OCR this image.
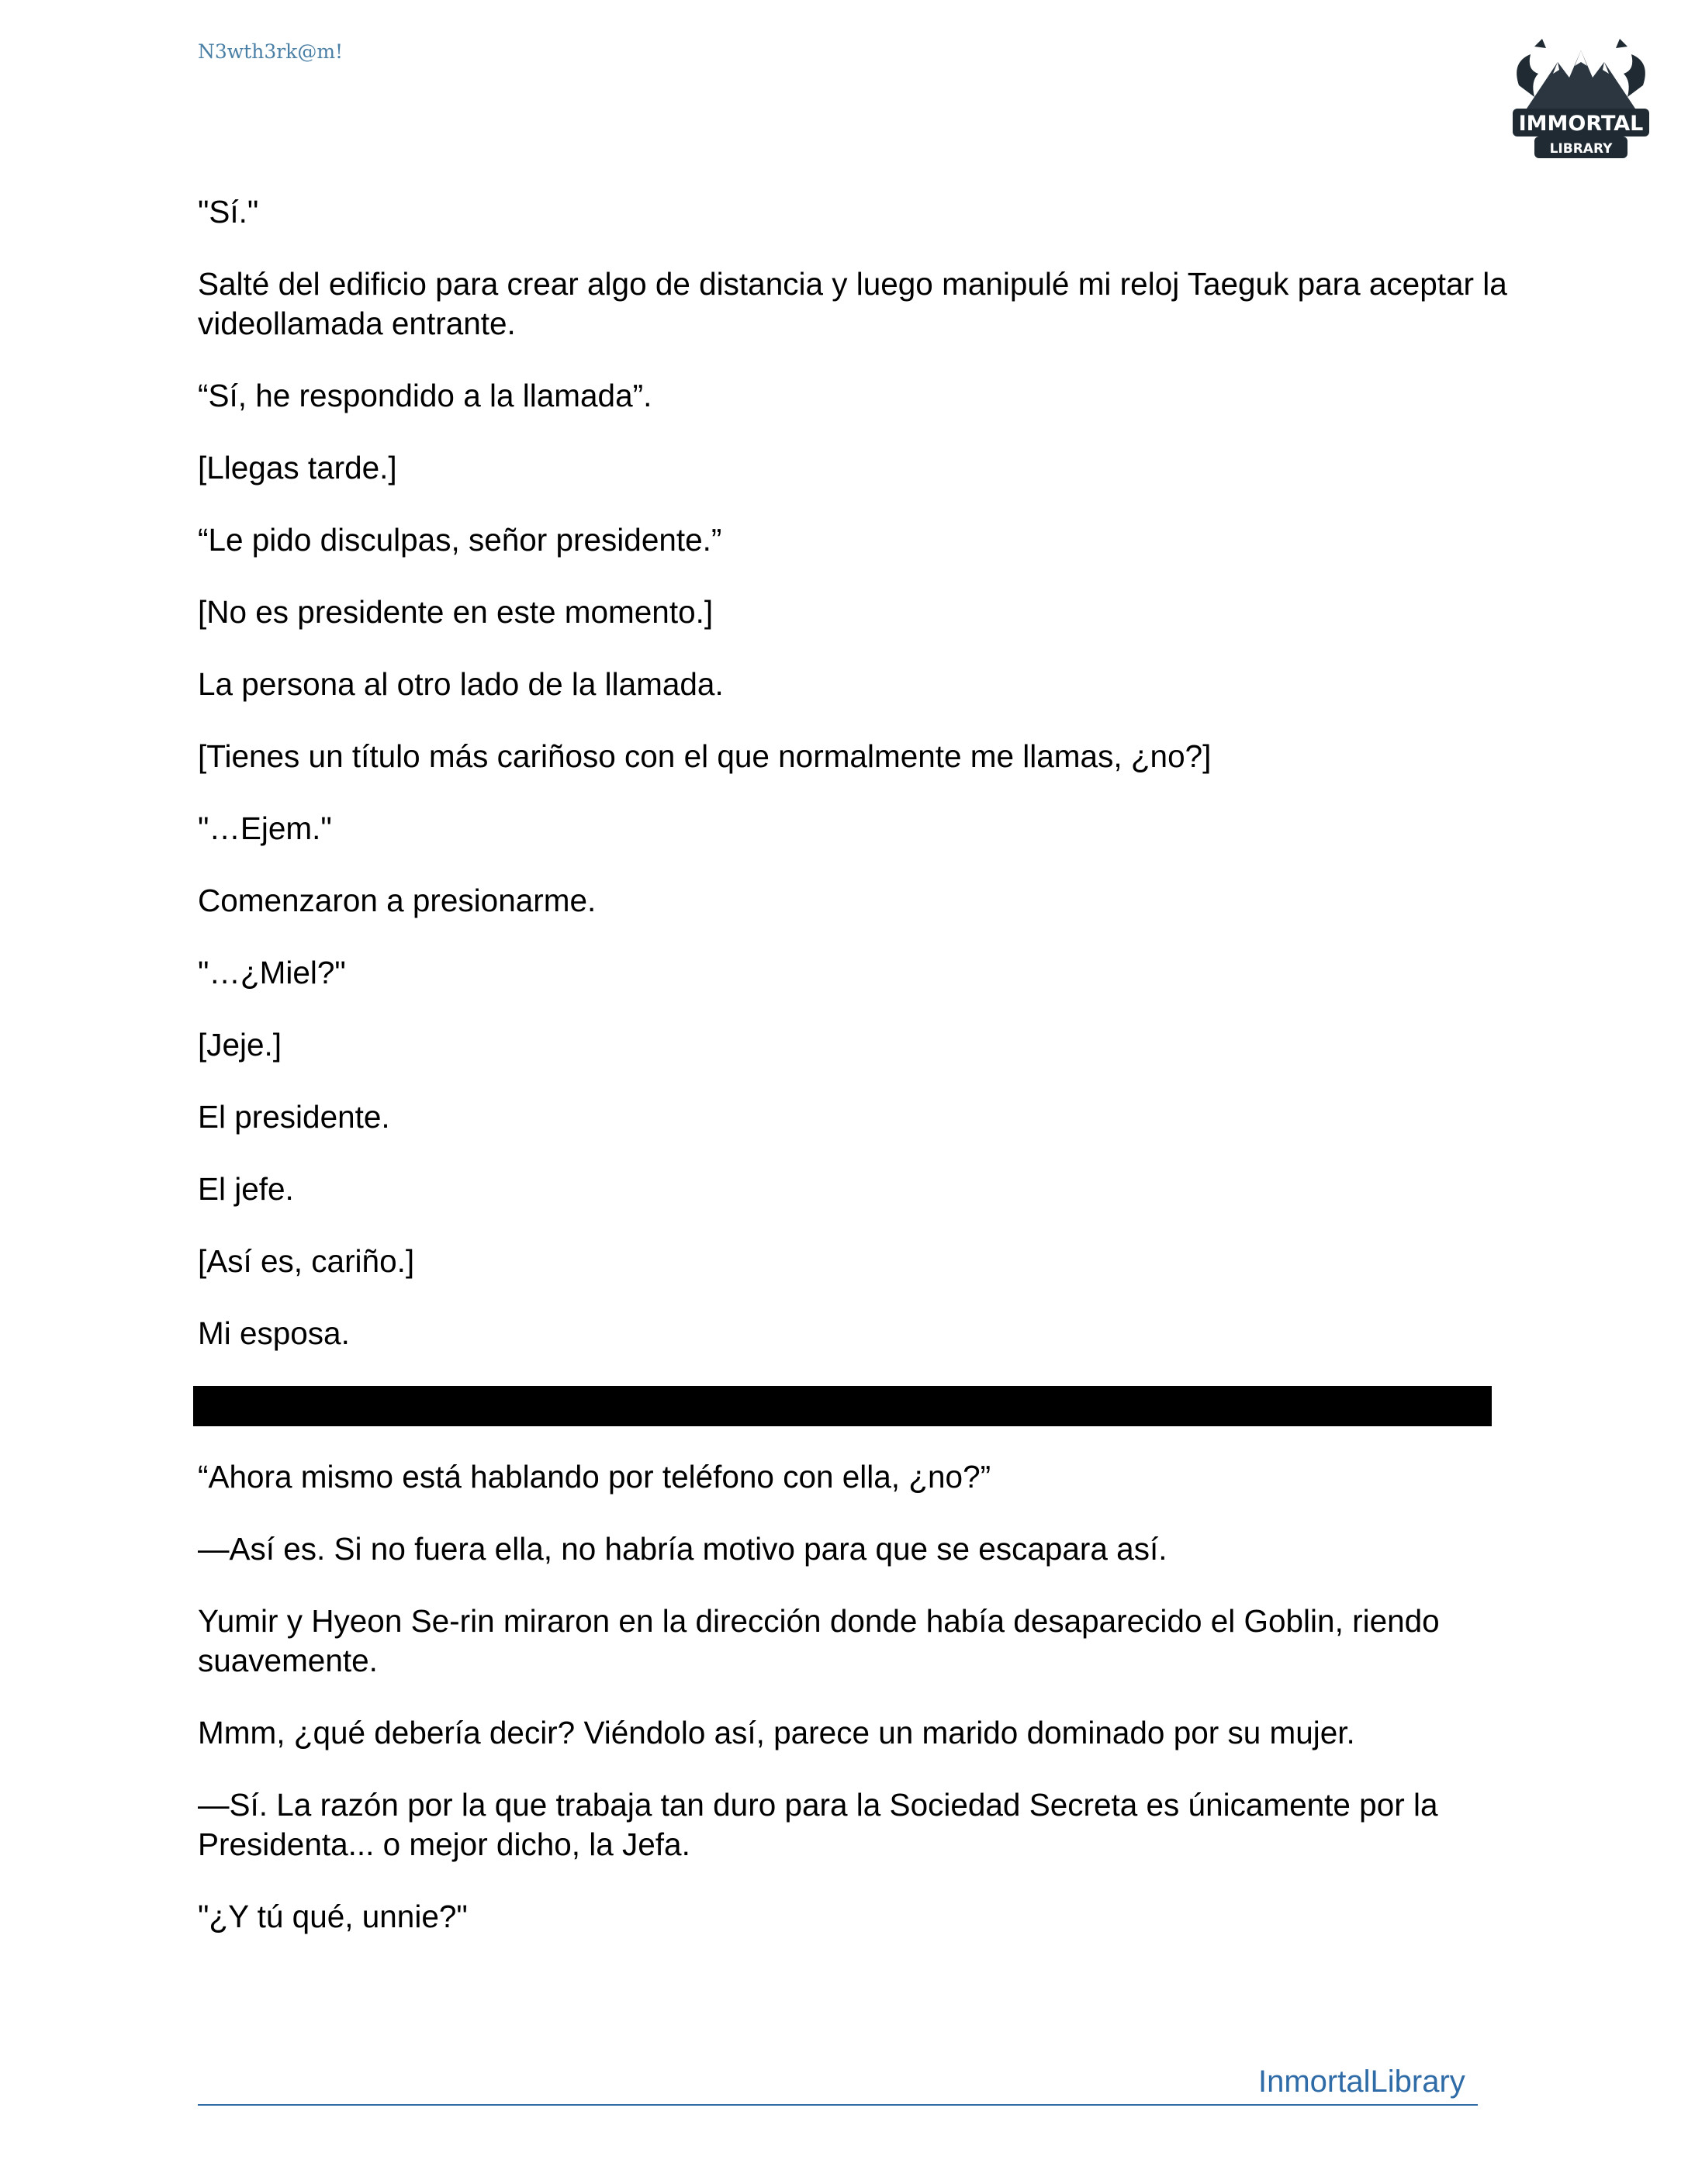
N3wth3rk@m!
IMMORTAL
LIBRARY

"Sí."

Salté del edificio para crear algo de distancia y luego manipulé mi reloj Taeguk para aceptar la videollamada entrante.

“Sí, he respondido a la llamada”.

[Llegas tarde.]

“Le pido disculpas, señor presidente.”

[No es presidente en este momento.]

La persona al otro lado de la llamada.

[Tienes un título más cariñoso con el que normalmente me llamas, ¿no?]

"…Ejem."

Comenzaron a presionarme.

"…¿Miel?"

[Jeje.]

El presidente.

El jefe.

[Así es, cariño.]

Mi esposa.

“Ahora mismo está hablando por teléfono con ella, ¿no?”

—Así es. Si no fuera ella, no habría motivo para que se escapara así.

Yumir y Hyeon Se-rin miraron en la dirección donde había desaparecido el Goblin, riendo suavemente.

Mmm, ¿qué debería decir? Viéndolo así, parece un marido dominado por su mujer.

—Sí. La razón por la que trabaja tan duro para la Sociedad Secreta es únicamente por la Presidenta... o mejor dicho, la Jefa.

"¿Y tú qué, unnie?"

InmortalLibrary
